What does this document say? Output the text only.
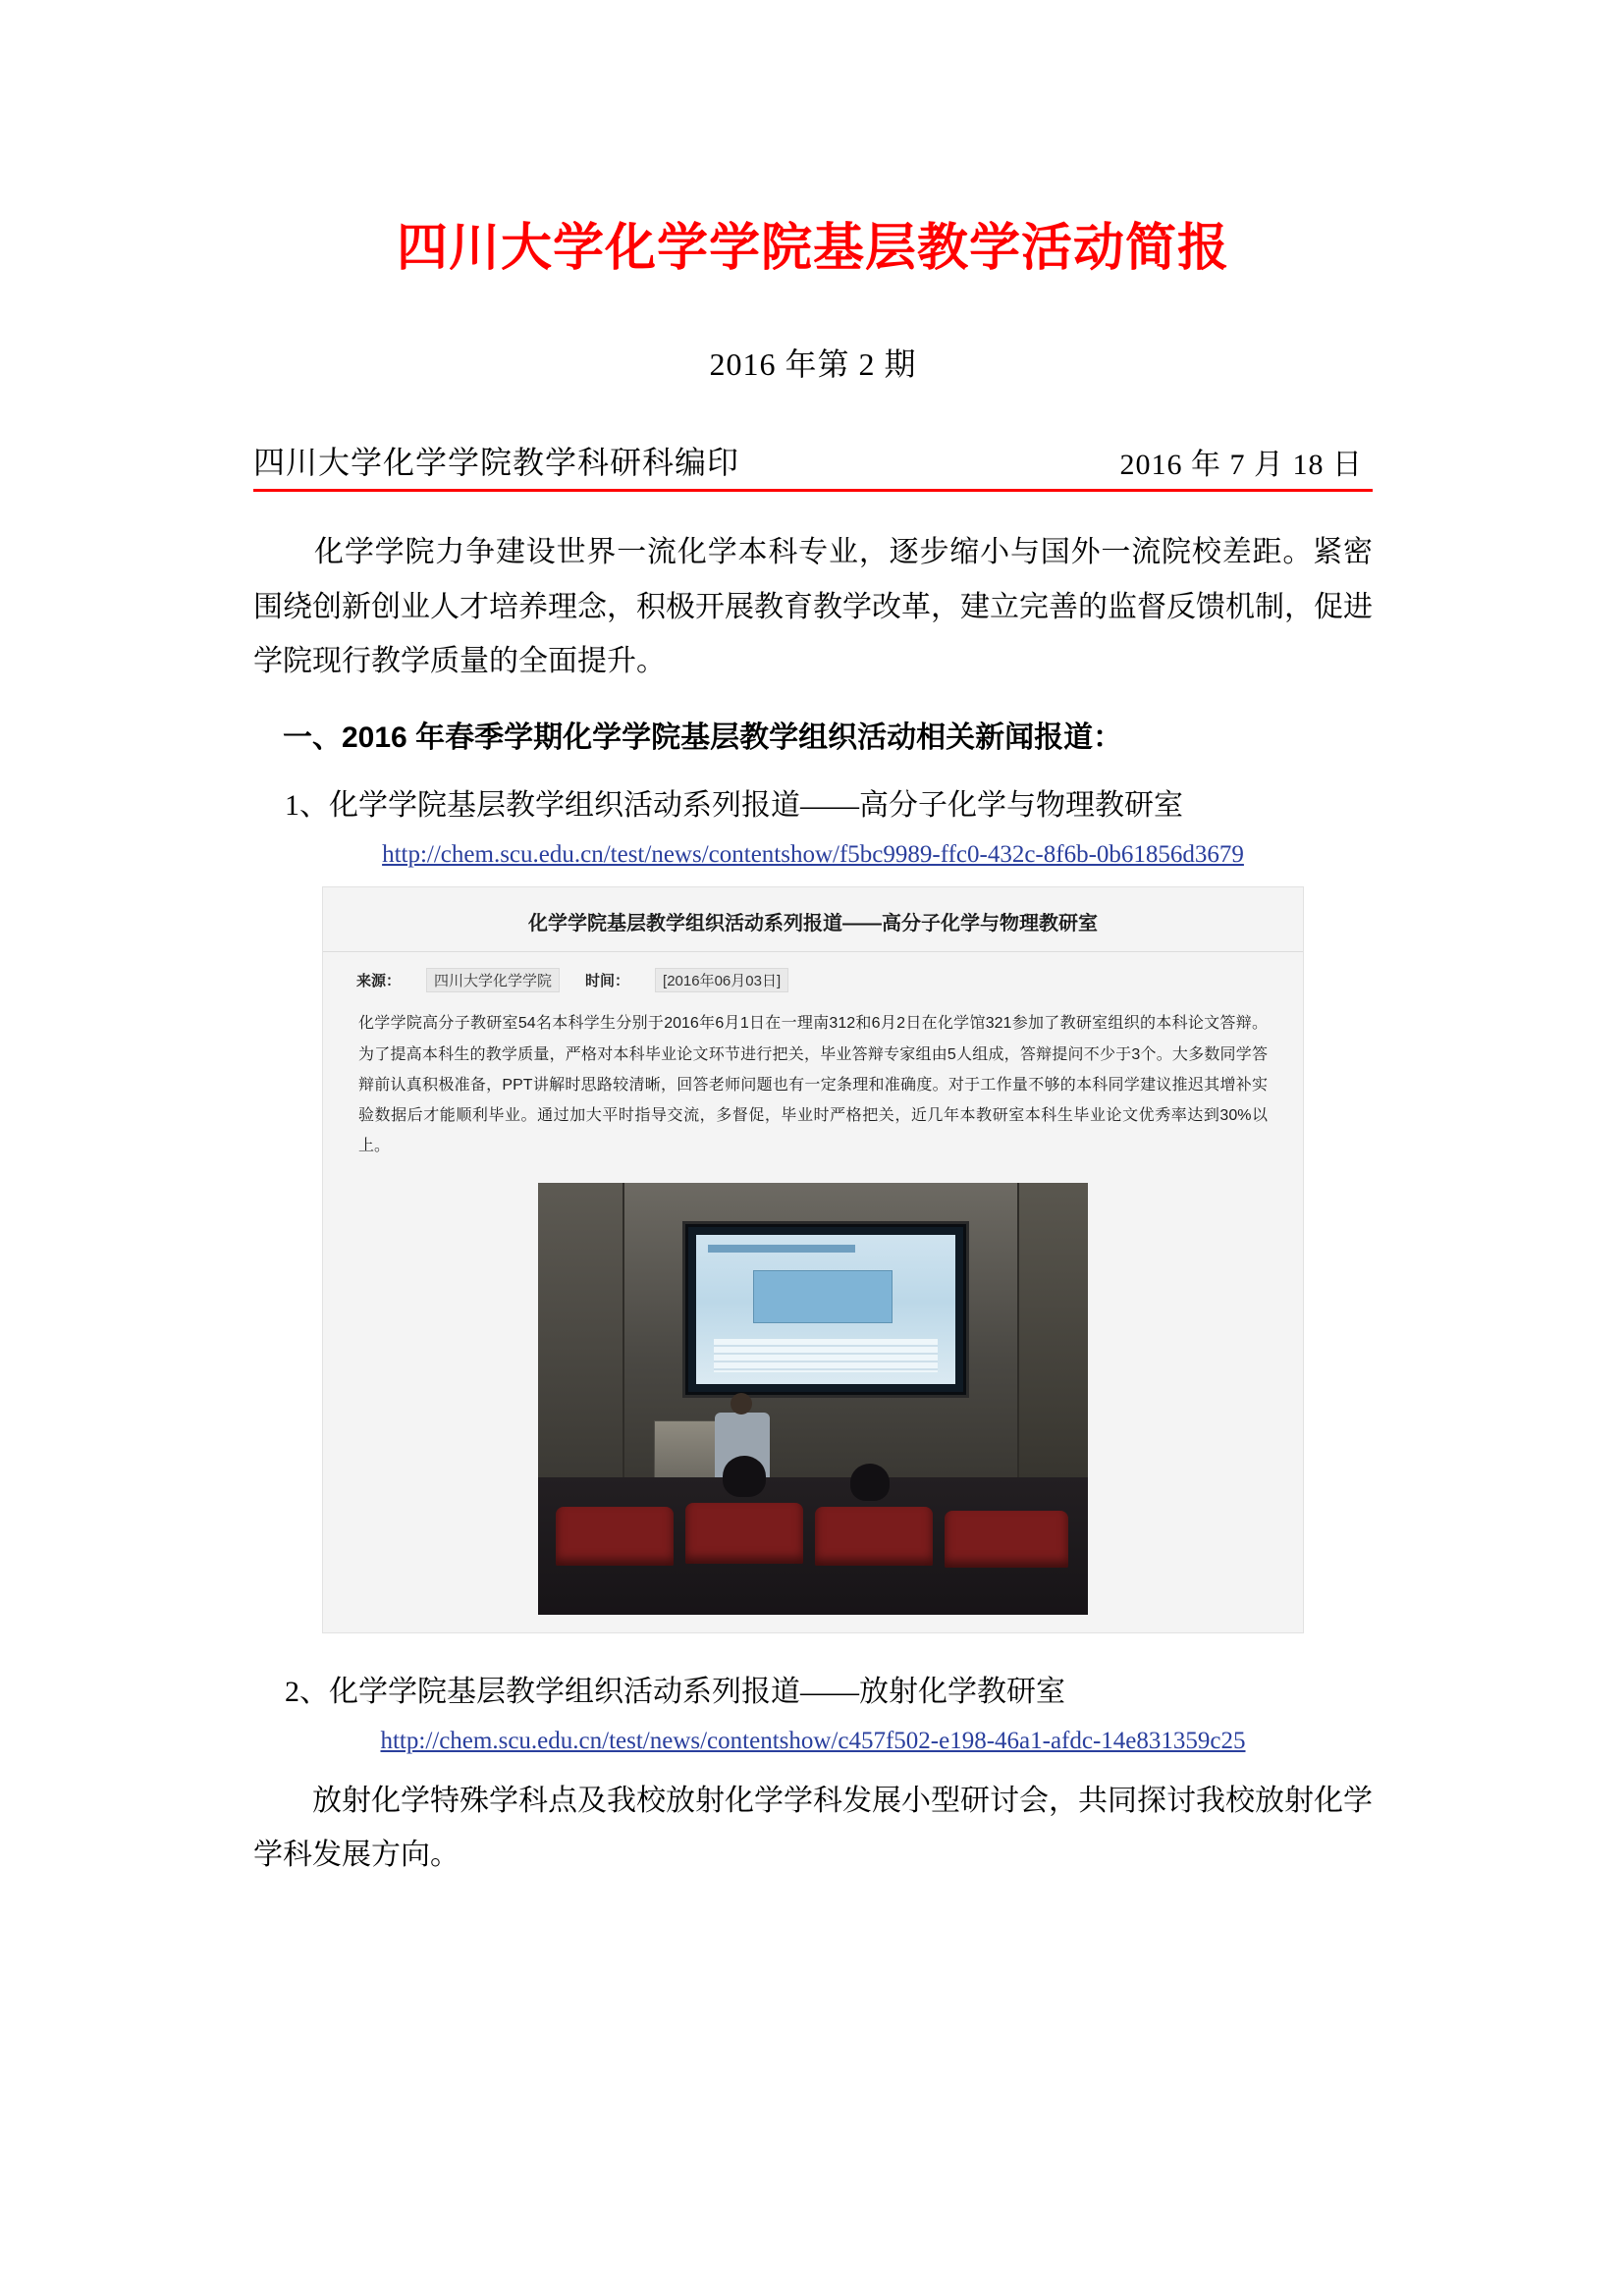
四川大学化学学院基层教学活动简报
2016 年第 2 期
四川大学化学学院教学科研科编印	2016 年 7 月 18 日
化学学院力争建设世界一流化学本科专业，逐步缩小与国外一流院校差距。紧密围绕创新创业人才培养理念，积极开展教育教学改革，建立完善的监督反馈机制，促进学院现行教学质量的全面提升。
一、2016 年春季学期化学学院基层教学组织活动相关新闻报道：
1、化学学院基层教学组织活动系列报道——高分子化学与物理教研室
http://chem.scu.edu.cn/test/news/contentshow/f5bc9989-ffc0-432c-8f6b-0b61856d3679
化学学院基层教学组织活动系列报道——高分子化学与物理教研室
来源：	四川大学化学学院	时间：	[2016年06月03日]
化学学院高分子教研室54名本科学生分别于2016年6月1日在一理南312和6月2日在化学馆321参加了教研室组织的本科论文答辩。为了提高本科生的教学质量，严格对本科毕业论文环节进行把关，毕业答辩专家组由5人组成，答辩提问不少于3个。大多数同学答辩前认真积极准备，PPT讲解时思路较清晰，回答老师问题也有一定条理和准确度。对于工作量不够的本科同学建议推迟其增补实验数据后才能顺利毕业。通过加大平时指导交流，多督促，毕业时严格把关，近几年本教研室本科生毕业论文优秀率达到30%以上。
2、化学学院基层教学组织活动系列报道——放射化学教研室
http://chem.scu.edu.cn/test/news/contentshow/c457f502-e198-46a1-afdc-14e831359c25
放射化学特殊学科点及我校放射化学学科发展小型研讨会，共同探讨我校放射化学学科发展方向。
